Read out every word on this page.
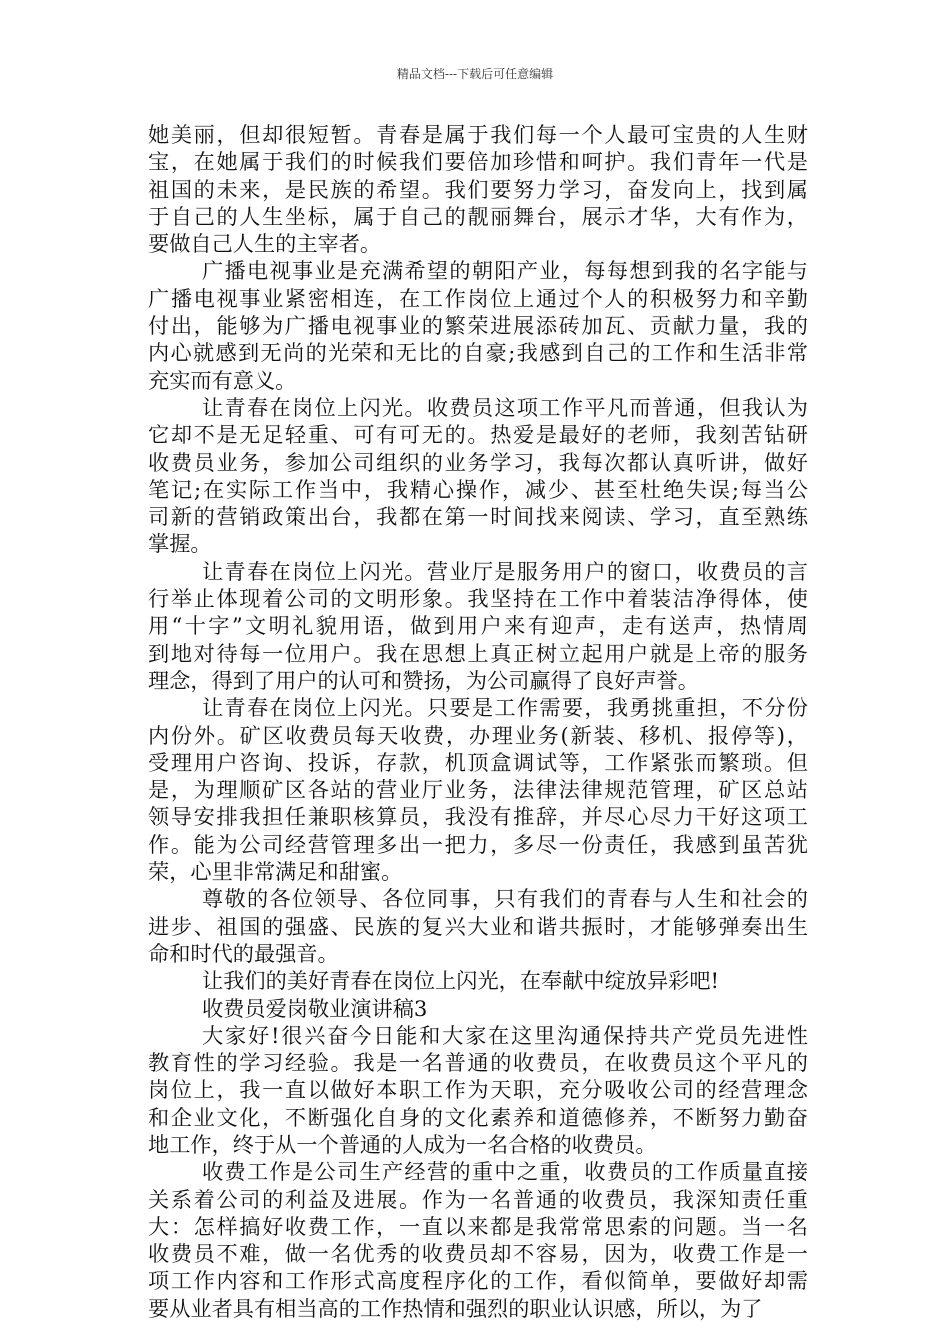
精品文档---下载后可任意编辑
她美丽，但却很短暂。青春是属于我们每一个人最可宝贵的人生财
宝，在她属于我们的时候我们要倍加珍惜和呵护。我们青年一代是
祖国的未来，是民族的希望。我们要努力学习，奋发向上，找到属
于自己的人生坐标，属于自己的靓丽舞台，展示才华，大有作为，
要做自己人生的主宰者。
广播电视事业是充满希望的朝阳产业，每每想到我的名字能与
广播电视事业紧密相连，在工作岗位上通过个人的积极努力和辛勤
付出，能够为广播电视事业的繁荣进展添砖加瓦、贡献力量，我的
内心就感到无尚的光荣和无比的自豪;我感到自己的工作和生活非常
充实而有意义。
让青春在岗位上闪光。收费员这项工作平凡而普通，但我认为
它却不是无足轻重、可有可无的。热爱是最好的老师，我刻苦钻研
收费员业务，参加公司组织的业务学习，我每次都认真听讲，做好
笔记;在实际工作当中，我精心操作，减少、甚至杜绝失误;每当公
司新的营销政策出台，我都在第一时间找来阅读、学习，直至熟练
掌握。
让青春在岗位上闪光。营业厅是服务用户的窗口，收费员的言
行举止体现着公司的文明形象。我坚持在工作中着装洁净得体，使
用“十字”文明礼貌用语，做到用户来有迎声，走有送声，热情周
到地对待每一位用户。我在思想上真正树立起用户就是上帝的服务
理念，得到了用户的认可和赞扬，为公司赢得了良好声誉。
让青春在岗位上闪光。只要是工作需要，我勇挑重担，不分份
内份外。矿区收费员每天收费，办理业务(新装、移机、报停等)，
受理用户咨询、投诉，存款，机顶盒调试等，工作紧张而繁琐。但
是，为理顺矿区各站的营业厅业务，法律法律规范管理，矿区总站
领导安排我担任兼职核算员，我没有推辞，并尽心尽力干好这项工
作。能为公司经营管理多出一把力，多尽一份责任，我感到虽苦犹
荣，心里非常满足和甜蜜。
尊敬的各位领导、各位同事，只有我们的青春与人生和社会的
进步、祖国的强盛、民族的复兴大业和谐共振时，才能够弹奏出生
命和时代的最强音。
让我们的美好青春在岗位上闪光，在奉献中绽放异彩吧!
收费员爱岗敬业演讲稿3
大家好!很兴奋今日能和大家在这里沟通保持共产党员先进性
教育性的学习经验。我是一名普通的收费员，在收费员这个平凡的
岗位上，我一直以做好本职工作为天职，充分吸收公司的经营理念
和企业文化，不断强化自身的文化素养和道德修养，不断努力勤奋
地工作，终于从一个普通的人成为一名合格的收费员。
收费工作是公司生产经营的重中之重，收费员的工作质量直接
关系着公司的利益及进展。作为一名普通的收费员，我深知责任重
大：怎样搞好收费工作，一直以来都是我常常思索的问题。当一名
收费员不难，做一名优秀的收费员却不容易，因为，收费工作是一
项工作内容和工作形式高度程序化的工作，看似简单，要做好却需
要从业者具有相当高的工作热情和强烈的职业认识感，所以，为了
